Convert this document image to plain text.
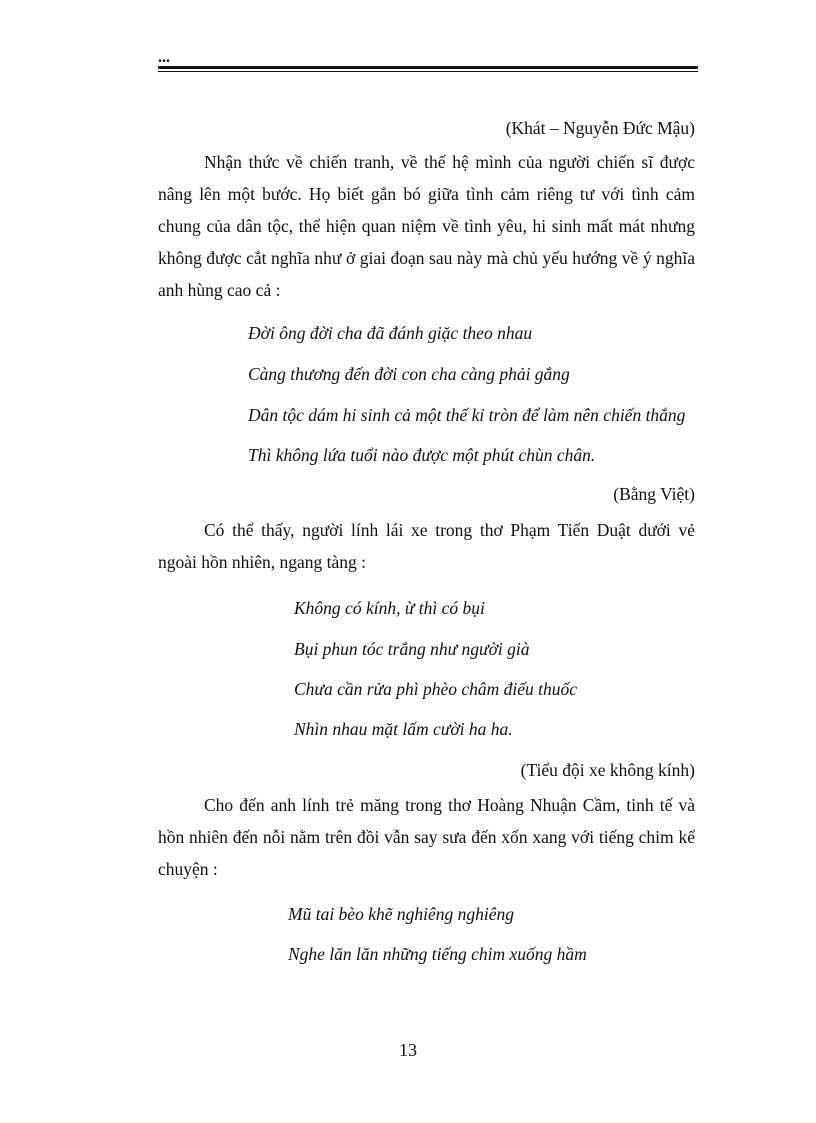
...
(Khát – Nguyễn Đức Mậu)

Nhận thức về chiến tranh, về thế hệ mình của người chiến sĩ được nâng lên một bước. Họ biết gắn bó giữa tình cảm riêng tư với tình cảm chung của dân tộc, thể hiện quan niệm về tình yêu, hi sinh mất mát nhưng không được cắt nghĩa như ở giai đoạn sau này mà chủ yếu hướng về ý nghĩa anh hùng cao cả :

Đời ông đời cha đã đánh giặc theo nhau
Càng thương đến đời con cha càng phải gắng
Dân tộc dám hi sinh cả một thế kỉ tròn để làm nên chiến thắng
Thì không lứa tuổi nào được một phút chùn chân.
(Bằng Việt)

Có thể thấy, người lính lái xe trong thơ Phạm Tiến Duật dưới vẻ ngoài hồn nhiên, ngang tàng :

Không có kính, ừ thì có bụi
Bụi phun tóc trắng như người già
Chưa cần rửa phì phèo châm điếu thuốc
Nhìn nhau mặt lấm cười ha ha.
(Tiểu đội xe không kính)

Cho đến anh lính trẻ măng trong thơ Hoàng Nhuận Cầm, tinh tế và hồn nhiên đến nỗi nằm trên đồi vẫn say sưa đến xốn xang với tiếng chim kể chuyện :

Mũ tai bèo khẽ nghiêng nghiêng
Nghe lăn lăn những tiếng chim xuống hầm
13
